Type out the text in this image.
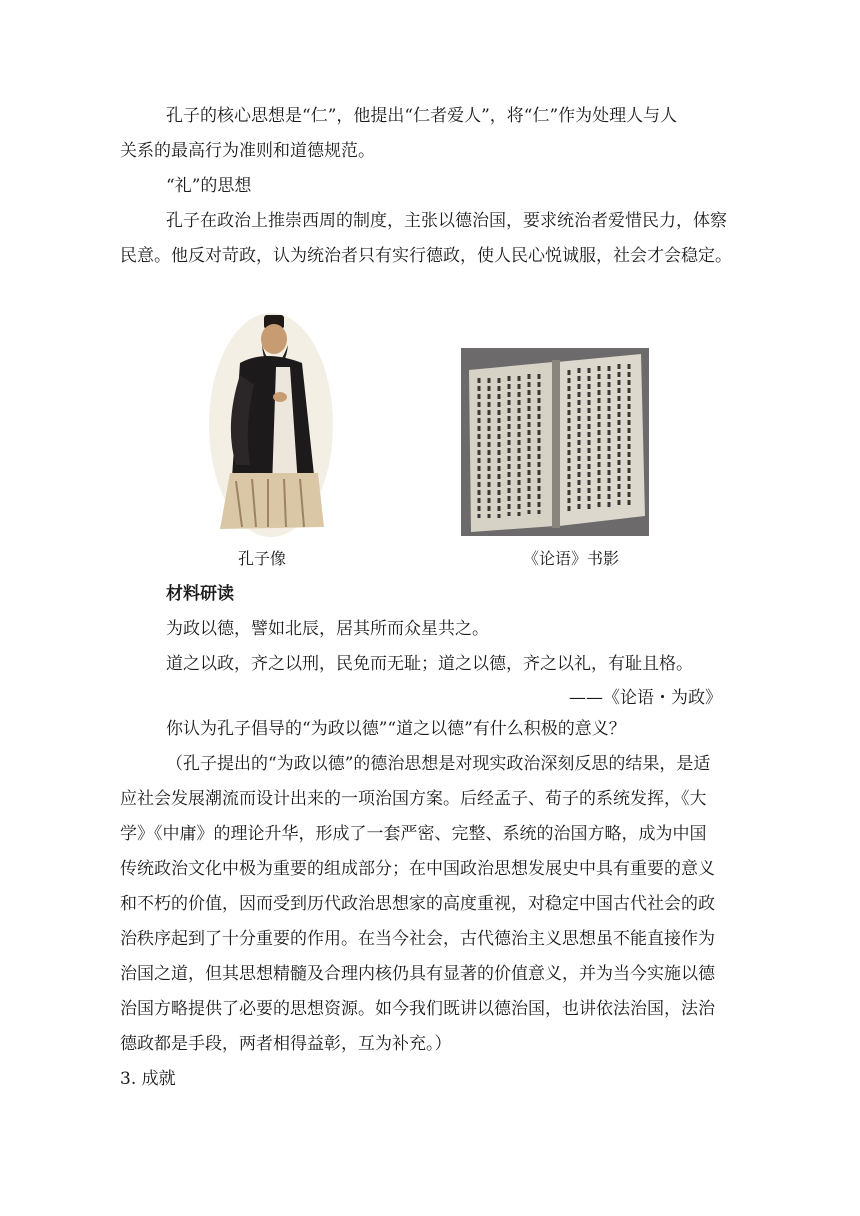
孔子的核心思想是“仁”，他提出“仁者爱人”，将“仁”作为处理人与人
关系的最高行为准则和道德规范。
“礼”的思想
孔子在政治上推崇西周的制度，主张以德治国，要求统治者爱惜民力，体察
民意。他反对苛政，认为统治者只有实行德政，使人民心悦诚服，社会才会稳定。
孔子像	《论语》书影
材料研读
为政以德，譬如北辰，居其所而众星共之。
道之以政，齐之以刑，民免而无耻；道之以德，齐之以礼，有耻且格。
——《论语・为政》
你认为孔子倡导的“为政以德”“道之以德”有什么积极的意义？
（孔子提出的“为政以德”的德治思想是对现实政治深刻反思的结果，是适
应社会发展潮流而设计出来的一项治国方案。后经孟子、荀子的系统发挥，《大
学》《中庸》的理论升华，形成了一套严密、完整、系统的治国方略，成为中国
传统政治文化中极为重要的组成部分；在中国政治思想发展史中具有重要的意义
和不朽的价值，因而受到历代政治思想家的高度重视，对稳定中国古代社会的政
治秩序起到了十分重要的作用。在当今社会，古代德治主义思想虽不能直接作为
治国之道，但其思想精髓及合理内核仍具有显著的价值意义，并为当今实施以德
治国方略提供了必要的思想资源。如今我们既讲以德治国，也讲依法治国，法治
德政都是手段，两者相得益彰，互为补充。）
3. 成就
